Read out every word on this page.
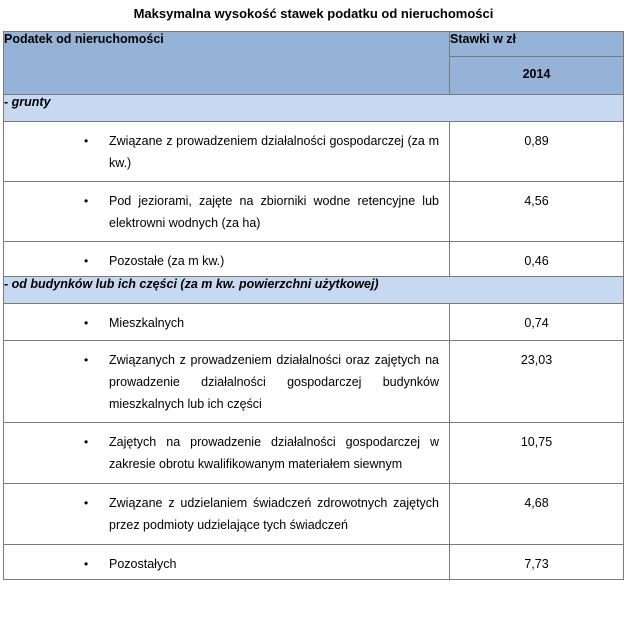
Maksymalna wysokość stawek podatku od nieruchomości
Podatek od nieruchomości	Stawki w zł
	2014
- grunty	
• Związane z prowadzeniem działalności gospodarczej (za m kw.)	0,89
• Pod jeziorami, zajęte na zbiorniki wodne retencyjne lub elektrowni wodnych (za ha)	4,56
• Pozostałe (za m kw.)	0,46
- od budynków lub ich części (za m kw. powierzchni użytkowej)	
• Mieszkalnych	0,74
• Związanych z prowadzeniem działalności oraz zajętych na prowadzenie działalności gospodarczej budynków mieszkalnych lub ich części	23,03
• Zajętych na prowadzenie działalności gospodarczej w zakresie obrotu kwalifikowanym materiałem siewnym	10,75
• Związane z udzielaniem świadczeń zdrowotnych zajętych przez podmioty udzielające tych świadczeń	4,68
• Pozostałych	7,73
